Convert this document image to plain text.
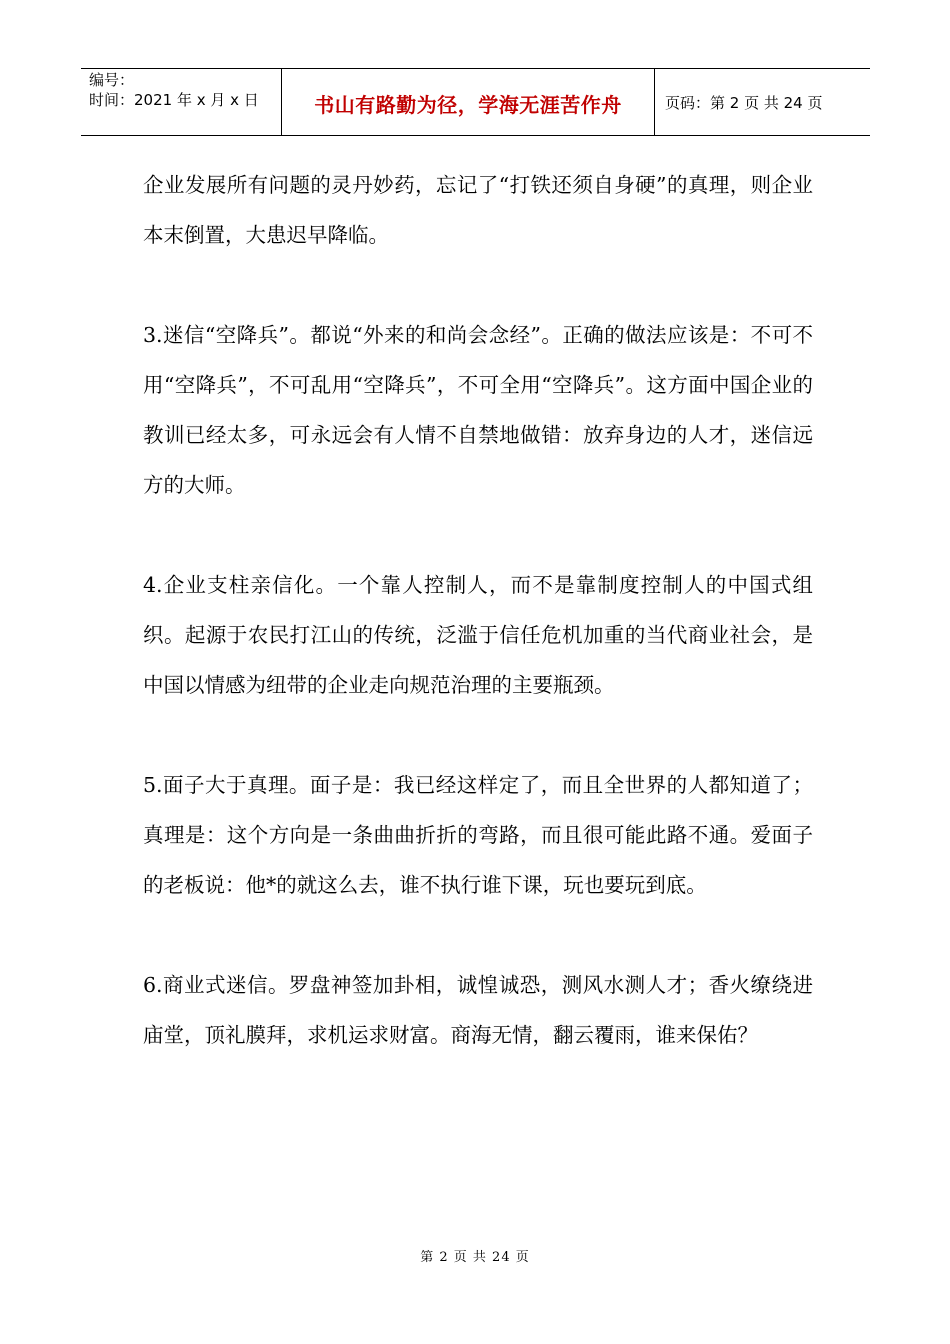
编号：
时间：2021 年 x 月 x 日	书山有路勤为径，学海无涯苦作舟	页码：第 2 页 共 24 页

企业发展所有问题的灵丹妙药，忘记了“打铁还须自身硬”的真理，则企业本末倒置，大患迟早降临。

3.迷信“空降兵”。都说“外来的和尚会念经”。正确的做法应该是：不可不用“空降兵”，不可乱用“空降兵”，不可全用“空降兵”。这方面中国企业的教训已经太多，可永远会有人情不自禁地做错：放弃身边的人才，迷信远方的大师。

4.企业支柱亲信化。一个靠人控制人，而不是靠制度控制人的中国式组织。起源于农民打江山的传统，泛滥于信任危机加重的当代商业社会，是中国以情感为纽带的企业走向规范治理的主要瓶颈。

5.面子大于真理。面子是：我已经这样定了，而且全世界的人都知道了；真理是：这个方向是一条曲曲折折的弯路，而且很可能此路不通。爱面子的老板说：他*的就这么去，谁不执行谁下课，玩也要玩到底。

6.商业式迷信。罗盘神签加卦相，诚惶诚恐，测风水测人才；香火缭绕进庙堂，顶礼膜拜，求机运求财富。商海无情，翻云覆雨，谁来保佑？

第 2 页 共 24 页
